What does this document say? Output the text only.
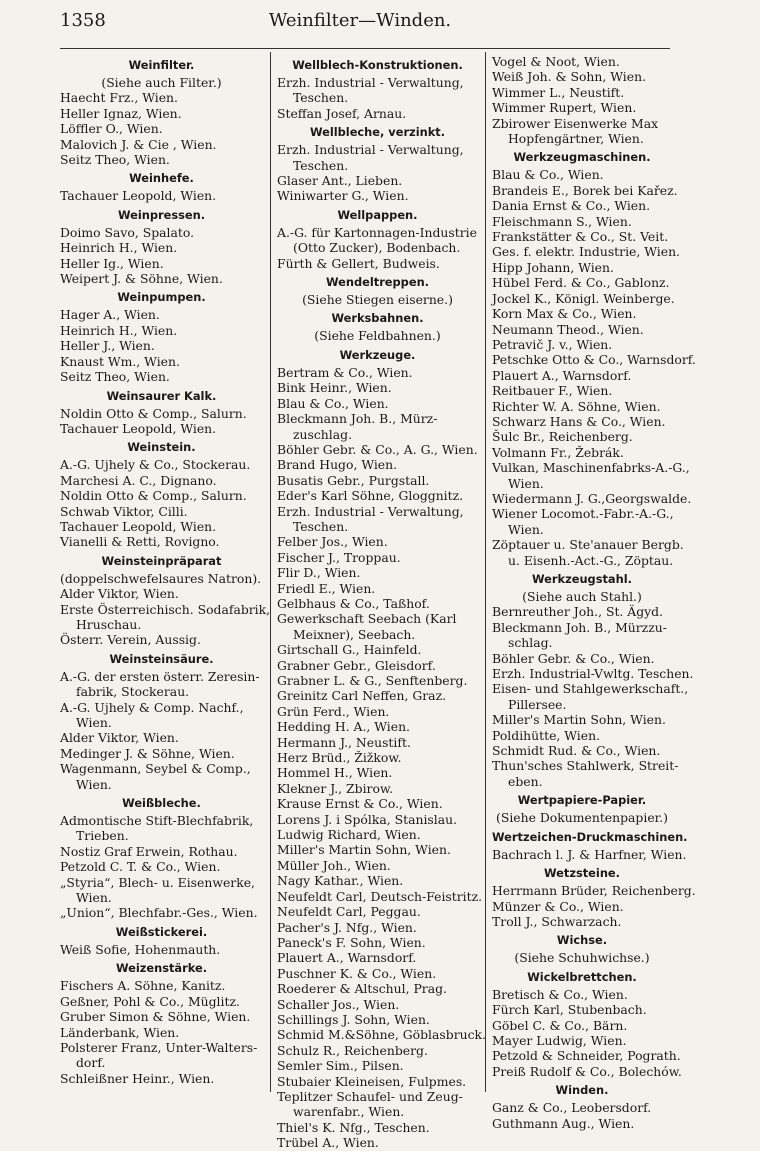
1358	Weinfilter—Winden.
Weinfilter.
(Siehe auch Filter.)
Haecht Frz., Wien.
Heller Ignaz, Wien.
Löffler O., Wien.
Malovich J. & Cie , Wien.
Seitz Theo, Wien.
Weinhefe.
Tachauer Leopold, Wien.
Weinpressen.
Doimo Savo, Spalato.
Heinrich H., Wien.
Heller Ig., Wien.
Weipert J. & Söhne, Wien.
Weinpumpen.
Hager A., Wien.
Heinrich H., Wien.
Heller J., Wien.
Knaust Wm., Wien.
Seitz Theo, Wien.
Weinsaurer Kalk.
Noldin Otto & Comp., Salurn.
Tachauer Leopold, Wien.
Weinstein.
A.-G. Ujhely & Co., Stockerau.
Marchesi A. C., Dignano.
Noldin Otto & Comp., Salurn.
Schwab Viktor, Cilli.
Tachauer Leopold, Wien.
Vianelli & Retti, Rovigno.
Weinsteinpräparat
(doppelschwefelsaures Natron).
Alder Viktor, Wien.
Erste Österreichisch. Sodafabrik,
Hruschau.
Österr. Verein, Aussig.
Weinsteinsäure.
A.-G. der ersten österr. Zeresin-
fabrik, Stockerau.
A.-G. Ujhely & Comp. Nachf.,
Wien.
Alder Viktor, Wien.
Medinger J. & Söhne, Wien.
Wagenmann, Seybel & Comp.,
Wien.
Weißbleche.
Admontische Stift-Blechfabrik,
Trieben.
Nostiz Graf Erwein, Rothau.
Petzold C. T. & Co., Wien.
„Styria“, Blech- u. Eisenwerke,
Wien.
„Union“, Blechfabr.-Ges., Wien.
Weißstickerei.
Weiß Sofie, Hohenmauth.
Weizenstärke.
Fischers A. Söhne, Kanitz.
Geßner, Pohl & Co., Müglitz.
Gruber Simon & Söhne, Wien.
Länderbank, Wien.
Polsterer Franz, Unter-Walters-
dorf.
Schleißner Heinr., Wien.
Wellblech-Konstruktionen.
Erzh. Industrial - Verwaltung,
Teschen.
Steffan Josef, Arnau.
Wellbleche, verzinkt.
Erzh. Industrial - Verwaltung,
Teschen.
Glaser Ant., Lieben.
Winiwarter G., Wien.
Wellpappen.
A.-G. für Kartonnagen-Industrie
(Otto Zucker), Bodenbach.
Fürth & Gellert, Budweis.
Wendeltreppen.
(Siehe Stiegen eiserne.)
Werksbahnen.
(Siehe Feldbahnen.)
Werkzeuge.
Bertram & Co., Wien.
Bink Heinr., Wien.
Blau & Co., Wien.
Bleckmann Joh. B., Mürz-
zuschlag.
Böhler Gebr. & Co., A. G., Wien.
Brand Hugo, Wien.
Busatis Gebr., Purgstall.
Eder's Karl Söhne, Gloggnitz.
Erzh. Industrial - Verwaltung,
Teschen.
Felber Jos., Wien.
Fischer J., Troppau.
Flir D., Wien.
Friedl E., Wien.
Gelbhaus & Co., Taßhof.
Gewerkschaft Seebach (Karl
Meixner), Seebach.
Girtschall G., Hainfeld.
Grabner Gebr., Gleisdorf.
Grabner L. & G., Senftenberg.
Greinitz Carl Neffen, Graz.
Grün Ferd., Wien.
Hedding H. A., Wien.
Hermann J., Neustift.
Herz Brüd., Žižkow.
Hommel H., Wien.
Klekner J., Zbirow.
Krause Ernst & Co., Wien.
Lorens J. i Spólka, Stanislau.
Ludwig Richard, Wien.
Miller's Martin Sohn, Wien.
Müller Joh., Wien.
Nagy Kathar., Wien.
Neufeldt Carl, Deutsch-Feistritz.
Neufeldt Carl, Peggau.
Pacher's J. Nfg., Wien.
Paneck's F. Sohn, Wien.
Plauert A., Warnsdorf.
Puschner K. & Co., Wien.
Roederer & Altschul, Prag.
Schaller Jos., Wien.
Schillings J. Sohn, Wien.
Schmid M.&Söhne, Göblasbruck.
Schulz R., Reichenberg.
Semler Sim., Pilsen.
Stubaier Kleineisen, Fulpmes.
Teplitzer Schaufel- und Zeug-
warenfabr., Wien.
Thiel's K. Nfg., Teschen.
Trübel A., Wien.
Vogel & Noot, Wien.
Weiß Joh. & Sohn, Wien.
Wimmer L., Neustift.
Wimmer Rupert, Wien.
Zbirower Eisenwerke Max
Hopfengärtner, Wien.
Werkzeugmaschinen.
Blau & Co., Wien.
Brandeis E., Borek bei Kařez.
Dania Ernst & Co., Wien.
Fleischmann S., Wien.
Frankstätter & Co., St. Veit.
Ges. f. elektr. Industrie, Wien.
Hipp Johann, Wien.
Hübel Ferd. & Co., Gablonz.
Jockel K., Königl. Weinberge.
Korn Max & Co., Wien.
Neumann Theod., Wien.
Petravič J. v., Wien.
Petschke Otto & Co., Warnsdorf.
Plauert A., Warnsdorf.
Reitbauer F., Wien.
Richter W. A. Söhne, Wien.
Schwarz Hans & Co., Wien.
Šulc Br., Reichenberg.
Volmann Fr., Žebrák.
Vulkan, Maschinenfabrks-A.-G.,
Wien.
Wiedermann J. G.,Georgswalde.
Wiener Locomot.-Fabr.-A.-G.,
Wien.
Zöptauer u. Ste'anauer Bergb.
u. Eisenh.-Act.-G., Zöptau.
Werkzeugstahl.
(Siehe auch Stahl.)
Bernreuther Joh., St. Ägyd.
Bleckmann Joh. B., Mürzzu-
schlag.
Böhler Gebr. & Co., Wien.
Erzh. Industrial-Vwltg. Teschen.
Eisen- und Stahlgewerkschaft.,
Pillersee.
Miller's Martin Sohn, Wien.
Poldihütte, Wien.
Schmidt Rud. & Co., Wien.
Thun'sches Stahlwerk, Streit-
eben.
Wertpapiere-Papier.
(Siehe Dokumentenpapier.)
Wertzeichen-Druckmaschinen.
Bachrach l. J. & Harfner, Wien.
Wetzsteine.
Herrmann Brüder, Reichenberg.
Münzer & Co., Wien.
Troll J., Schwarzach.
Wichse.
(Siehe Schuhwichse.)
Wickelbrettchen.
Bretisch & Co., Wien.
Fürch Karl, Stubenbach.
Göbel C. & Co., Bärn.
Mayer Ludwig, Wien.
Petzold & Schneider, Pograth.
Preiß Rudolf & Co., Bolechów.
Winden.
Ganz & Co., Leobersdorf.
Guthmann Aug., Wien.
